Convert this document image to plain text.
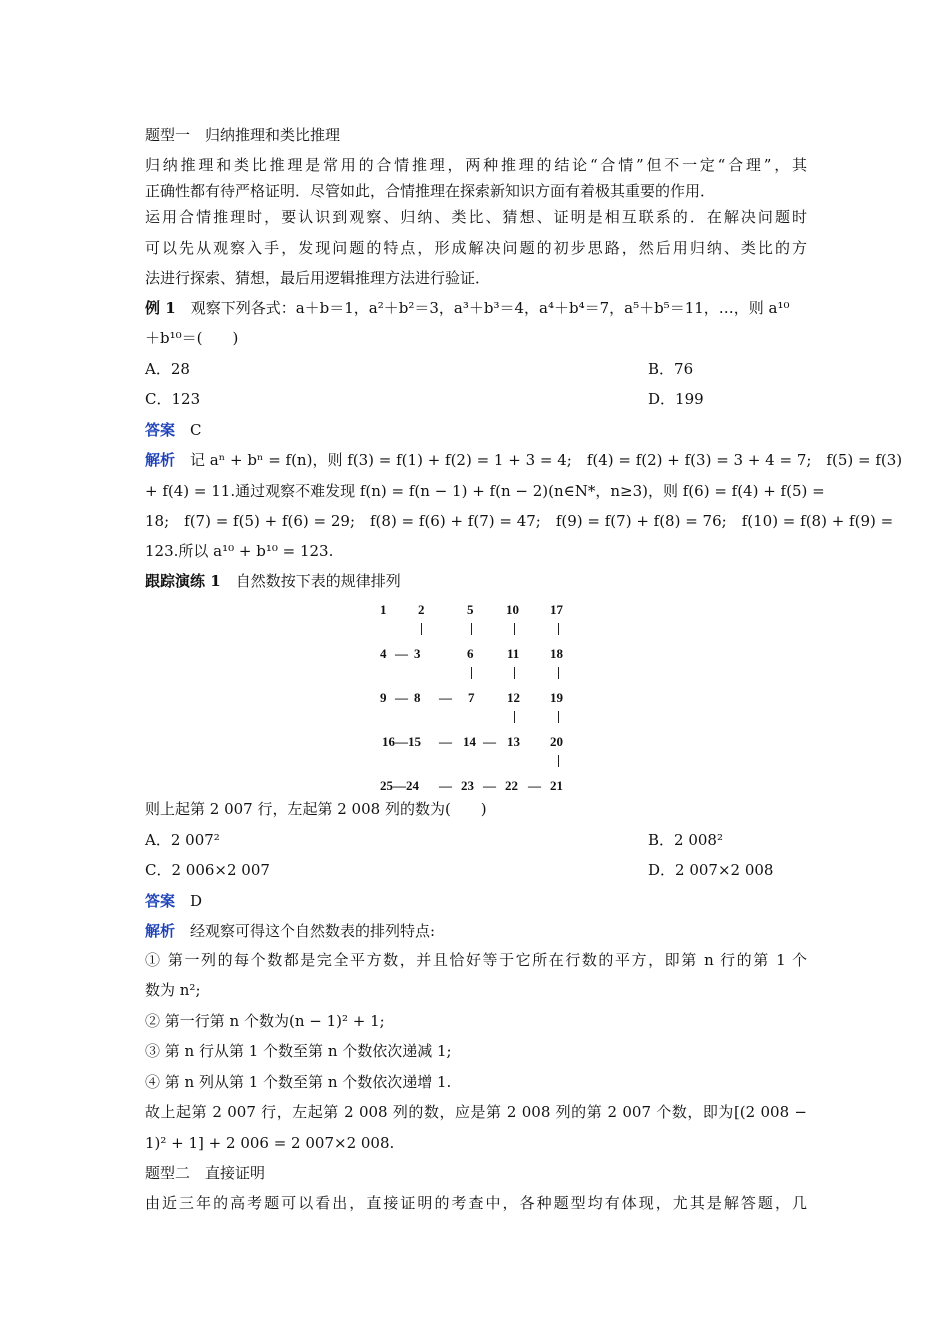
题型一　归纳推理和类比推理
归纳推理和类比推理是常用的合情推理，两种推理的结论“合情”但不一定“合理”，其
正确性都有待严格证明．尽管如此，合情推理在探索新知识方面有着极其重要的作用．
运用合情推理时，要认识到观察、归纳、类比、猜想、证明是相互联系的．在解决问题时
可以先从观察入手，发现问题的特点，形成解决问题的初步思路，然后用归纳、类比的方
法进行探索、猜想，最后用逻辑推理方法进行验证．
例 1　 观察下列各式：a＋b＝1，a²＋b²＝3，a³＋b³＝4，a⁴＋b⁴＝7，a⁵＋b⁵＝11，…，则 a¹⁰
＋b¹⁰＝(　　)
A．28	B．76
C．123	D．199
答案　 C
解析　 记 aⁿ + bⁿ = f(n)，则 f(3) = f(1) + f(2) = 1 + 3 = 4;　f(4) = f(2) + f(3) = 3 + 4 = 7;　f(5) = f(3)
+ f(4) = 11.通过观察不难发现 f(n) = f(n − 1) + f(n − 2)(n∈N*，n≥3)，则 f(6) = f(4) + f(5) =
18;　f(7) = f(5) + f(6) = 29;　f(8) = f(6) + f(7) = 47;　f(9) = f(7) + f(8) = 76;　f(10) = f(8) + f(9) =
123.所以 a¹⁰ + b¹⁰ = 123.
跟踪演练 1　 自然数按下表的规律排列
1 2	5	10 17
4 — 3	6	11 18
9 — 8 — 7	12 19
16—15 — 14 — 13 20
25—24 — 23 — 22 — 21
则上起第 2 007 行，左起第 2 008 列的数为(　　)
A．2 007²	B．2 008²
C．2 006×2 007	D．2 007×2 008
答案　 D
解析　 经观察可得这个自然数表的排列特点:
① 第一列的每个数都是完全平方数，并且恰好等于它所在行数的平方，即第 n 行的第 1 个
数为 n²;
② 第一行第 n 个数为(n − 1)² + 1;
③ 第 n 行从第 1 个数至第 n 个数依次递减 1;
④ 第 n 列从第 1 个数至第 n 个数依次递增 1.
故上起第 2 007 行，左起第 2 008 列的数，应是第 2 008 列的第 2 007 个数，即为[(2 008 −
1)² + 1] + 2 006 = 2 007×2 008.
题型二　直接证明
由近三年的高考题可以看出，直接证明的考查中，各种题型均有体现，尤其是解答题，几
